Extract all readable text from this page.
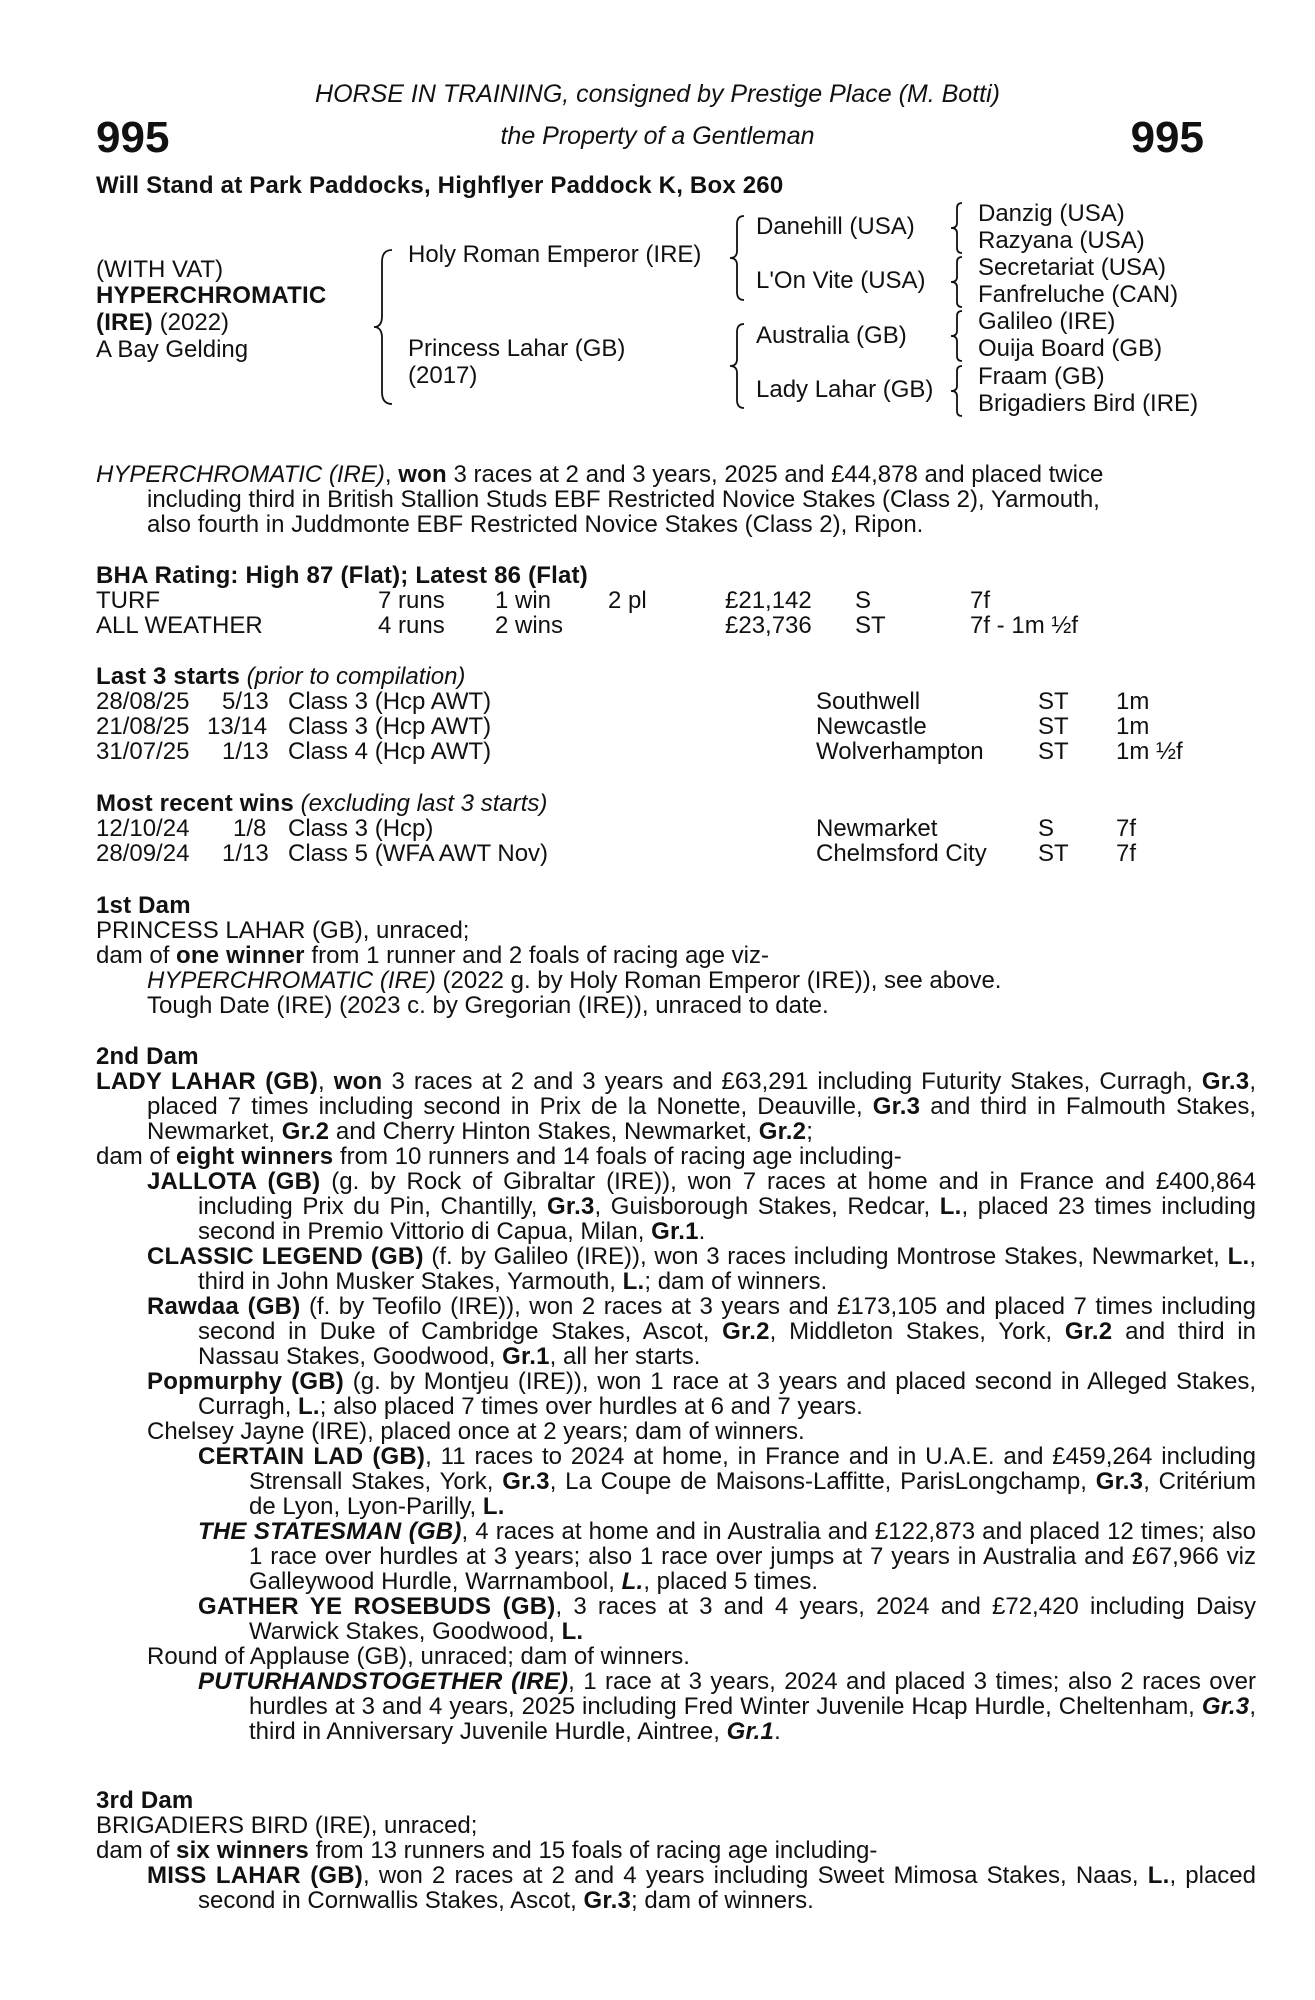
995	995
HORSE IN TRAINING, consigned by Prestige Place (M. Botti)
the Property of a Gentleman
Will Stand at Park Paddocks, Highflyer Paddock K, Box 260
(WITH VAT)
HYPERCHROMATIC
(IRE) (2022)
A Bay Gelding
Holy Roman Emperor (IRE)
Princess Lahar (GB)
(2017)
Danehill (USA)
L'On Vite (USA)
Australia (GB)
Lady Lahar (GB)
Danzig (USA)
Razyana (USA)
Secretariat (USA)
Fanfreluche (CAN)
Galileo (IRE)
Ouija Board (GB)
Fraam (GB)
Brigadiers Bird (IRE)
HYPERCHROMATIC (IRE), won 3 races at 2 and 3 years, 2025 and £44,878 and placed twice
including third in British Stallion Studs EBF Restricted Novice Stakes (Class 2), Yarmouth,
also fourth in Juddmonte EBF Restricted Novice Stakes (Class 2), Ripon.
BHA Rating: High 87 (Flat); Latest 86 (Flat)
TURF	7 runs 1 win 2 pl	£21,142 S	7f
ALL WEATHER	4 runs 2 wins	£23,736 ST	7f - 1m ½f
Last 3 starts (prior to compilation)
28/08/25 5/13 Class 3 (Hcp AWT)	Southwell	ST 1m
21/08/25 13/14 Class 3 (Hcp AWT)	Newcastle	ST 1m
31/07/25 1/13 Class 4 (Hcp AWT)	Wolverhampton ST 1m ½f
Most recent wins (excluding last 3 starts)
12/10/24 1/8 Class 3 (Hcp)	Newmarket	S	7f
28/09/24 1/13 Class 5 (WFA AWT Nov)	Chelmsford City ST 7f
1st Dam
PRINCESS LAHAR (GB), unraced;
dam of one winner from 1 runner and 2 foals of racing age viz-
HYPERCHROMATIC (IRE) (2022 g. by Holy Roman Emperor (IRE)), see above.
Tough Date (IRE) (2023 c. by Gregorian (IRE)), unraced to date.
2nd Dam
LADY LAHAR (GB), won 3 races at 2 and 3 years and £63,291 including Futurity Stakes, Curragh, Gr.3, placed 7 times including second in Prix de la Nonette, Deauville, Gr.3 and third in Falmouth Stakes, Newmarket, Gr.2 and Cherry Hinton Stakes, Newmarket, Gr.2;
dam of eight winners from 10 runners and 14 foals of racing age including-
JALLOTA (GB) (g. by Rock of Gibraltar (IRE)), won 7 races at home and in France and £400,864 including Prix du Pin, Chantilly, Gr.3, Guisborough Stakes, Redcar, L., placed 23 times including second in Premio Vittorio di Capua, Milan, Gr.1.
CLASSIC LEGEND (GB) (f. by Galileo (IRE)), won 3 races including Montrose Stakes, Newmarket, L., third in John Musker Stakes, Yarmouth, L.; dam of winners.
Rawdaa (GB) (f. by Teofilo (IRE)), won 2 races at 3 years and £173,105 and placed 7 times including second in Duke of Cambridge Stakes, Ascot, Gr.2, Middleton Stakes, York, Gr.2 and third in Nassau Stakes, Goodwood, Gr.1, all her starts.
Popmurphy (GB) (g. by Montjeu (IRE)), won 1 race at 3 years and placed second in Alleged Stakes, Curragh, L.; also placed 7 times over hurdles at 6 and 7 years.
Chelsey Jayne (IRE), placed once at 2 years; dam of winners.
CERTAIN LAD (GB), 11 races to 2024 at home, in France and in U.A.E. and £459,264 including Strensall Stakes, York, Gr.3, La Coupe de Maisons-Laffitte, ParisLongchamp, Gr.3, Critérium de Lyon, Lyon-Parilly, L.
THE STATESMAN (GB), 4 races at home and in Australia and £122,873 and placed 12 times; also 1 race over hurdles at 3 years; also 1 race over jumps at 7 years in Australia and £67,966 viz Galleywood Hurdle, Warrnambool, L., placed 5 times.
GATHER YE ROSEBUDS (GB), 3 races at 3 and 4 years, 2024 and £72,420 including Daisy Warwick Stakes, Goodwood, L.
Round of Applause (GB), unraced; dam of winners.
PUTURHANDSTOGETHER (IRE), 1 race at 3 years, 2024 and placed 3 times; also 2 races over hurdles at 3 and 4 years, 2025 including Fred Winter Juvenile Hcap Hurdle, Cheltenham, Gr.3, third in Anniversary Juvenile Hurdle, Aintree, Gr.1.
3rd Dam
BRIGADIERS BIRD (IRE), unraced;
dam of six winners from 13 runners and 15 foals of racing age including-
MISS LAHAR (GB), won 2 races at 2 and 4 years including Sweet Mimosa Stakes, Naas, L., placed second in Cornwallis Stakes, Ascot, Gr.3; dam of winners.
